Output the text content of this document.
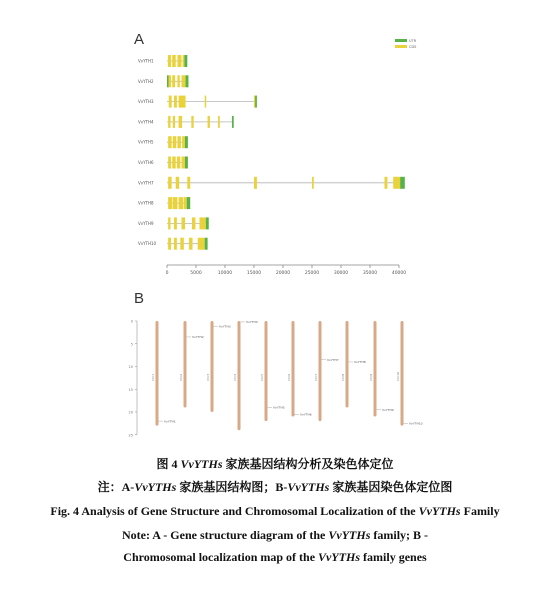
A
B
UTR
CDS
VvYTH1
VvYTH2
VvYTH3
VvYTH4
VvYTH5
VvYTH6
VvYTH7
VvYTH8
VvYTH9
VvYTH10
0	5000	10000	15000	20000	25000	30000	35000	40000
0
5
10
15
20
25
Chr1
VvYTH1
Chr2
VvYTH2
Chr3
VvYTH3
Chr4
VvYTH4
Chr5
VvYTH5
Chr6
VvYTH6
Chr7
VvYTH7
Chr8
VvYTH8
Chr9
VvYTH9
Chr10
VvYTH10
图 4 VvYTHs 家族基因结构分析及染色体定位
注：A-VvYTHs 家族基因结构图；B-VvYTHs 家族基因染色体定位图
Fig. 4 Analysis of Gene Structure and Chromosomal Localization of the VvYTHs Family
Note: A - Gene structure diagram of the VvYTHs family; B -
Chromosomal localization map of the VvYTHs family genes
